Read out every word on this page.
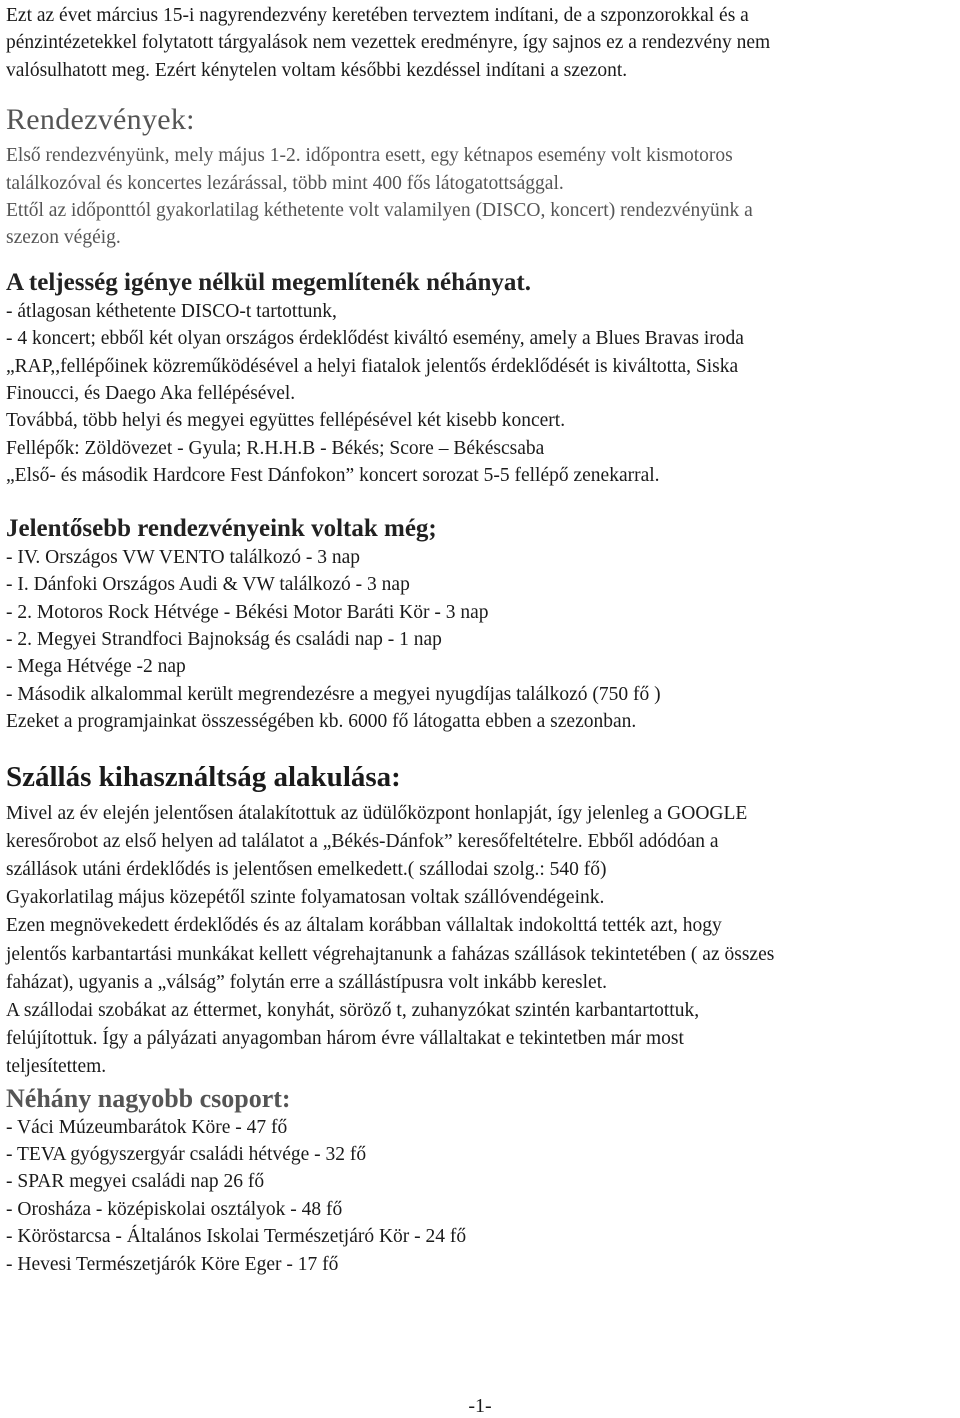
Ezt az évet március 15-i nagyrendezvény keretében terveztem indítani, de a szponzorokkal és a
pénzintézetekkel folytatott tárgyalások nem vezettek eredményre, így sajnos ez a rendezvény nem
valósulhatott meg. Ezért kénytelen voltam későbbi kezdéssel indítani a szezont.
Rendezvények:
Első rendezvényünk, mely május 1-2. időpontra esett, egy kétnapos esemény volt kismotoros
találkozóval és koncertes lezárással, több mint 400 fős látogatottsággal.
Ettől az időponttól gyakorlatilag kéthetente volt valamilyen (DISCO, koncert) rendezvényünk a
szezon végéig.
A teljesség igénye nélkül megemlítenék néhányat.
- átlagosan kéthetente DISCO-t tartottunk,
- 4 koncert; ebből két olyan országos érdeklődést kiváltó esemény, amely a Blues Bravas iroda
„RAP,,fellépőinek közreműködésével a helyi fiatalok jelentős érdeklődését is kiváltotta, Siska
Finoucci, és Daego Aka fellépésével.
Továbbá, több helyi és megyei együttes fellépésével két kisebb koncert.
Fellépők: Zöldövezet - Gyula; R.H.H.B - Békés; Score – Békéscsaba
„Első- és második Hardcore Fest Dánfokon” koncert sorozat 5-5 fellépő zenekarral.
Jelentősebb rendezvényeink voltak még;
- IV. Országos VW VENTO találkozó - 3 nap
- I. Dánfoki Országos Audi & VW találkozó - 3 nap
- 2. Motoros Rock Hétvége - Békési Motor Baráti Kör - 3 nap
- 2. Megyei Strandfoci Bajnokság és családi nap - 1 nap
- Mega Hétvége -2 nap
- Második alkalommal került megrendezésre a megyei nyugdíjas találkozó (750 fő )
Ezeket a programjainkat összességében kb. 6000 fő látogatta ebben a szezonban.
Szállás kihasználtság alakulása:
Mivel az év elején jelentősen átalakítottuk az üdülőközpont honlapját, így jelenleg a GOOGLE
keresőrobot az első helyen ad találatot a „Békés-Dánfok” keresőfeltételre. Ebből adódóan a
szállások utáni érdeklődés is jelentősen emelkedett.( szállodai szolg.: 540 fő)
Gyakorlatilag május közepétől szinte folyamatosan voltak szállóvendégeink.
Ezen megnövekedett érdeklődés és az általam korábban vállaltak indokolttá tették azt, hogy
jelentős karbantartási munkákat kellett végrehajtanunk a faházas szállások tekintetében ( az összes
faházat), ugyanis a „válság” folytán erre a szállástípusra volt inkább kereslet.
A szállodai szobákat az éttermet, konyhát, söröző t, zuhanyzókat szintén karbantartottuk,
felújítottuk. Így a pályázati anyagomban három évre vállaltakat e tekintetben már most
teljesítettem.
Néhány nagyobb csoport:
- Váci Múzeumbarátok Köre - 47 fő
- TEVA gyógyszergyár családi hétvége - 32 fő
- SPAR megyei családi nap 26 fő
- Orosháza - középiskolai osztályok - 48 fő
- Köröstarcsa - Általános Iskolai Természetjáró Kör - 24 fő
- Hevesi Természetjárók Köre Eger - 17 fő
-1-
